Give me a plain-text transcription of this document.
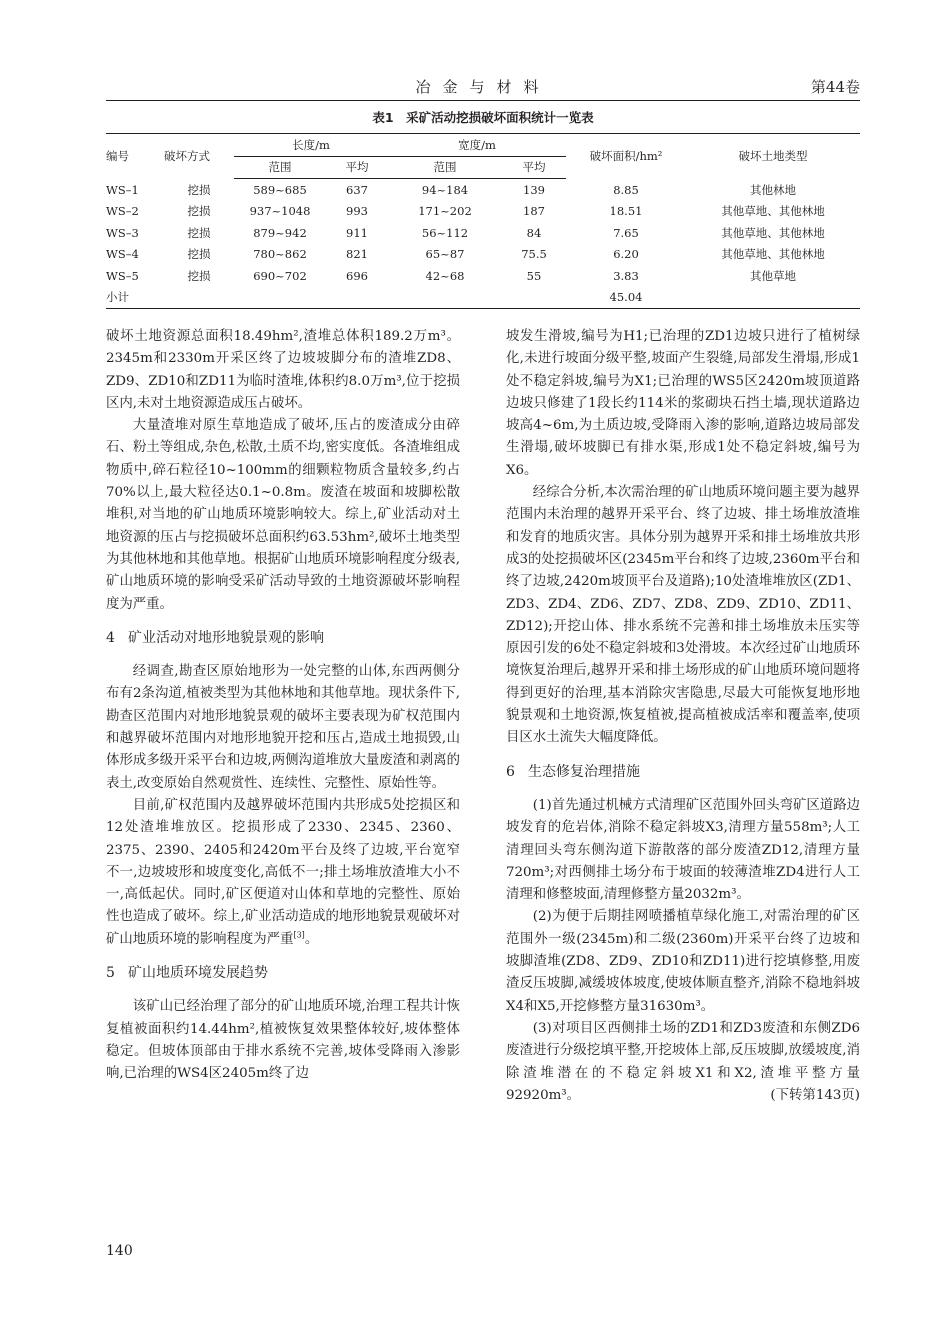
冶金与材料	第44卷
表1　采矿活动挖损破坏面积统计一览表
编号	破坏方式	长度/m		宽度/m		破坏面积/hm²	破坏土地类型
		范围	平均	范围	平均		
WS–1	挖损	589~685	637	94~184	139	8.85	其他林地
WS–2	挖损	937~1048	993	171~202	187	18.51	其他草地、其他林地
WS–3	挖损	879~942	911	56~112	84	7.65	其他草地、其他林地
WS–4	挖损	780~862	821	65~87	75.5	6.20	其他草地、其他林地
WS–5	挖损	690~702	696	42~68	55	3.83	其他草地
小计						45.04	

破坏土地资源总面积18.49hm²,渣堆总体积189.2万m³。2345m和2330m开采区终了边坡坡脚分布的渣堆ZD8、ZD9、ZD10和ZD11为临时渣堆,体积约8.0万m³,位于挖损区内,未对土地资源造成压占破坏。

大量渣堆对原生草地造成了破坏,压占的废渣成分由碎石、粉土等组成,杂色,松散,土质不均,密实度低。各渣堆组成物质中,碎石粒径10~100mm的细颗粒物质含量较多,约占70%以上,最大粒径达0.1~0.8m。废渣在坡面和坡脚松散堆积,对当地的矿山地质环境影响较大。综上,矿业活动对土地资源的压占与挖损破坏总面积约63.53hm²,破坏土地类型为其他林地和其他草地。根据矿山地质环境影响程度分级表,矿山地质环境的影响受采矿活动导致的土地资源破坏影响程度为严重。

4 矿业活动对地形地貌景观的影响

经调查,勘查区原始地形为一处完整的山体,东西两侧分布有2条沟道,植被类型为其他林地和其他草地。现状条件下,勘查区范围内对地形地貌景观的破坏主要表现为矿权范围内和越界破坏范围内对地形地貌开挖和压占,造成土地损毁,山体形成多级开采平台和边坡,两侧沟道堆放大量废渣和剥离的表土,改变原始自然观赏性、连续性、完整性、原始性等。

目前,矿权范围内及越界破坏范围内共形成5处挖损区和12处渣堆堆放区。挖损形成了2330、2345、2360、2375、2390、2405和2420m平台及终了边坡,平台宽窄不一,边坡坡形和坡度变化,高低不一;排土场堆放渣堆大小不一,高低起伏。同时,矿区便道对山体和草地的完整性、原始性也造成了破坏。综上,矿业活动造成的地形地貌景观破坏对矿山地质环境的影响程度为严重[3]。

5 矿山地质环境发展趋势

该矿山已经治理了部分的矿山地质环境,治理工程共计恢复植被面积约14.44hm²,植被恢复效果整体较好,坡体整体稳定。但坡体顶部由于排水系统不完善,坡体受降雨入渗影响,已治理的WS4区2405m终了边

坡发生滑坡,编号为H1;已治理的ZD1边坡只进行了植树绿化,未进行坡面分级平整,坡面产生裂缝,局部发生滑塌,形成1处不稳定斜坡,编号为X1;已治理的WS5区2420m坡顶道路边坡只修建了1段长约114米的浆砌块石挡土墙,现状道路边坡高4~6m,为土质边坡,受降雨入渗的影响,道路边坡局部发生滑塌,破坏坡脚已有排水渠,形成1处不稳定斜坡,编号为X6。

经综合分析,本次需治理的矿山地质环境问题主要为越界范围内未治理的越界开采平台、终了边坡、排土场堆放渣堆和发育的地质灾害。具体分别为越界开采和排土场堆放共形成3的处挖损破坏区(2345m平台和终了边坡,2360m平台和终了边坡,2420m坡顶平台及道路);10处渣堆堆放区(ZD1、ZD3、ZD4、ZD6、ZD7、ZD8、ZD9、ZD10、ZD11、ZD12);开挖山体、排水系统不完善和排土场堆放未压实等原因引发的6处不稳定斜坡和3处滑坡。本次经过矿山地质环境恢复治理后,越界开采和排土场形成的矿山地质环境问题将得到更好的治理,基本消除灾害隐患,尽最大可能恢复地形地貌景观和土地资源,恢复植被,提高植被成活率和覆盖率,使项目区水土流失大幅度降低。

6 生态修复治理措施

(1)首先通过机械方式清理矿区范围外回头弯矿区道路边坡发育的危岩体,消除不稳定斜坡X3,清理方量558m³;人工清理回头弯东侧沟道下游散落的部分废渣ZD12,清理方量720m³;对西侧排土场分布于坡面的较薄渣堆ZD4进行人工清理和修整坡面,清理修整方量2032m³。

(2)为便于后期挂网喷播植草绿化施工,对需治理的矿区范围外一级(2345m)和二级(2360m)开采平台终了边坡和坡脚渣堆(ZD8、ZD9、ZD10和ZD11)进行挖填修整,用废渣反压坡脚,减缓坡体坡度,使坡体顺直整齐,消除不稳地斜坡X4和X5,开挖修整方量31630m³。

(3)对项目区西侧排土场的ZD1和ZD3废渣和东侧ZD6废渣进行分级挖填平整,开挖坡体上部,反压坡脚,放缓坡度,消除渣堆潜在的不稳定斜坡X1和X2,渣堆平整方量92920m³。	(下转第143页)

140
